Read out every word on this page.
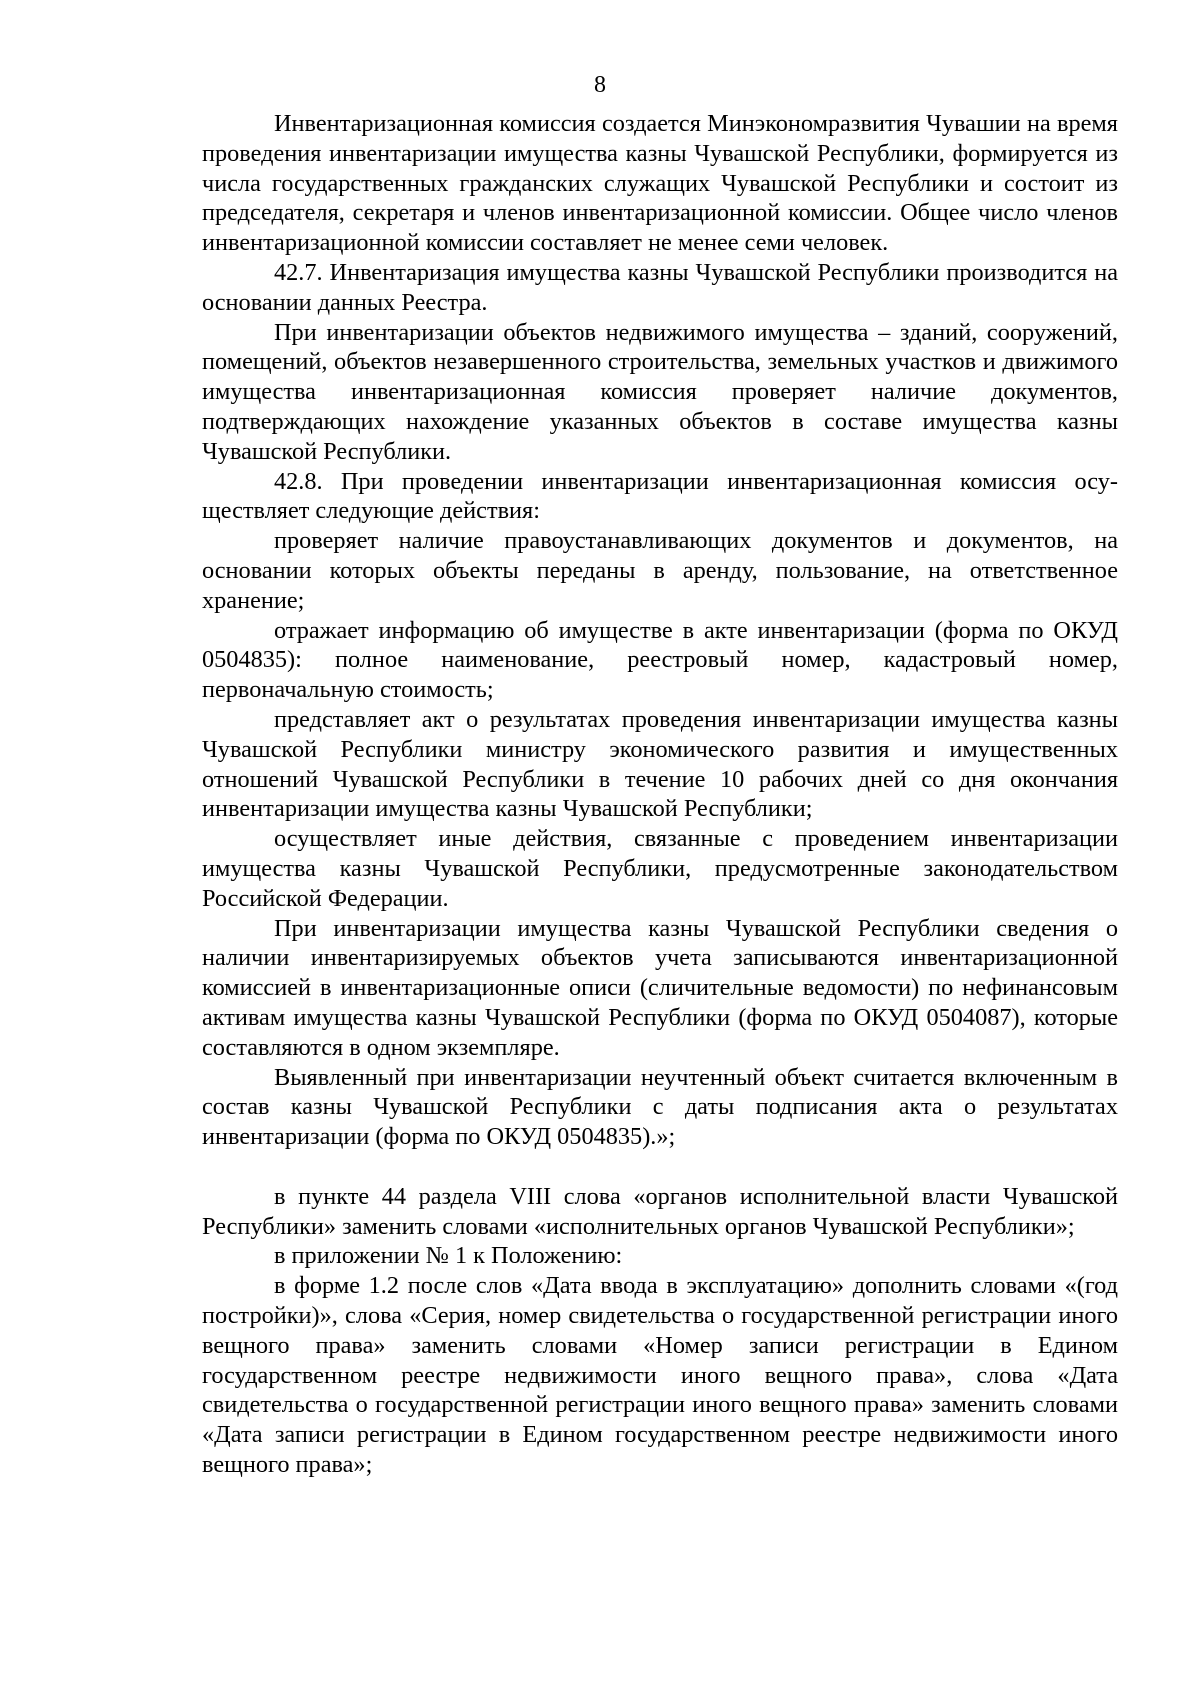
8

Инвентаризационная комиссия создается Минэкономразвития Чувашии на время проведения инвентаризации имущества казны Чувашской Республики, формируется из числа государственных гражданских служащих Чувашской Республики и состоит из председателя, секретаря и членов инвентаризационной комиссии. Общее число членов инвентаризационной комиссии составляет не менее семи человек.

42.7. Инвентаризация имущества казны Чувашской Республики производится на основании данных Реестра.

При инвентаризации объектов недвижимого имущества – зданий, сооружений, помещений, объектов незавершенного строительства, земельных участков и движимого имущества инвентаризационная комиссия проверяет наличие документов, подтверждающих нахождение указанных объектов в составе имущества казны Чувашской Республики.

42.8. При проведении инвентаризации инвентаризационная комиссия осуществляет следующие действия:

проверяет наличие правоустанавливающих документов и документов, на основании которых объекты переданы в аренду, пользование, на ответственное хранение;

отражает информацию об имуществе в акте инвентаризации (форма по ОКУД 0504835): полное наименование, реестровый номер, кадастровый номер, первоначальную стоимость;

представляет акт о результатах проведения инвентаризации имущества казны Чувашской Республики министру экономического развития и имущественных отношений Чувашской Республики в течение 10 рабочих дней со дня окончания инвентаризации имущества казны Чувашской Республики;

осуществляет иные действия, связанные с проведением инвентаризации имущества казны Чувашской Республики, предусмотренные законодательством Российской Федерации.

При инвентаризации имущества казны Чувашской Республики сведения о наличии инвентаризируемых объектов учета записываются инвентаризационной комиссией в инвентаризационные описи (сличительные ведомости) по нефинансовым активам имущества казны Чувашской Республики (форма по ОКУД 0504087), которые составляются в одном экземпляре.

Выявленный при инвентаризации неучтенный объект считается включенным в состав казны Чувашской Республики с даты подписания акта о результатах инвентаризации (форма по ОКУД 0504835).»;

в пункте 44 раздела VIII слова «органов исполнительной власти Чувашской Республики» заменить словами «исполнительных органов Чувашской Республики»;

в приложении № 1 к Положению:

в форме 1.2 после слов «Дата ввода в эксплуатацию» дополнить словами «(год постройки)», слова «Серия, номер свидетельства о государственной регистрации иного вещного права» заменить словами «Номер записи регистрации в Едином государственном реестре недвижимости иного вещного права», слова «Дата свидетельства о государственной регистрации иного вещного права» заменить словами «Дата записи регистрации в Едином государственном реестре недвижимости иного вещного права»;
